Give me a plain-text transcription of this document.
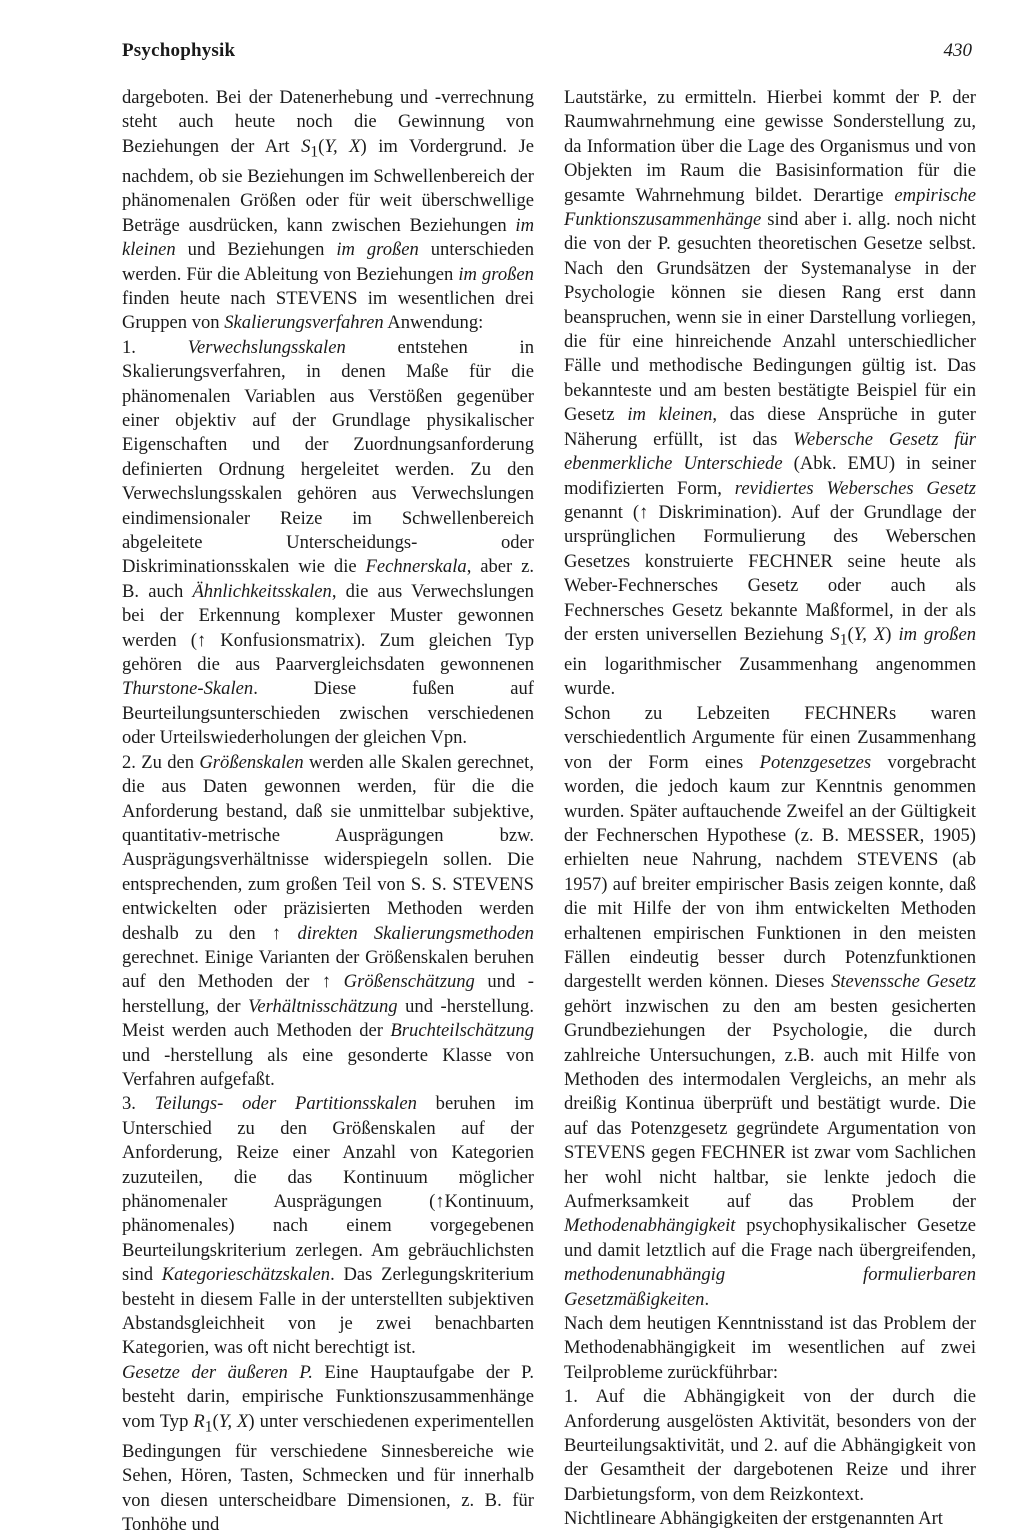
Psychophysik	430

dargeboten. Bei der Datenerhebung und -verrechnung steht auch heute noch die Gewinnung von Beziehungen der Art $S_1(Y$, X) im Vordergrund. Je nachdem, ob sie Beziehungen im Schwellenbereich der phänomenalen Größen oder für weit überschwellige Beträge ausdrücken, kann zwischen Beziehungen im kleinen und Beziehungen im großen unterschieden werden. Für die Ableitung von Beziehungen im großen finden heute nach STEVENS im wesentlichen drei Gruppen von Skalierungsverfahren Anwendung:

1. Verwechslungsskalen entstehen in Skalierungsverfahren, in denen Maße für die phänomenalen Variablen aus Verstößen gegenüber einer objektiv auf der Grundlage physikalischer Eigenschaften und der Zuordnungsanforderung definierten Ordnung hergeleitet werden. Zu den Verwechslungsskalen gehören aus Verwechslungen eindimensionaler Reize im Schwellenbereich abgeleitete Unterscheidungs- oder Diskriminationsskalen wie die Fechnerskala, aber z. B. auch Ähnlichkeitsskalen, die aus Verwechslungen bei der Erkennung komplexer Muster gewonnen werden (↑ Konfusionsmatrix). Zum gleichen Typ gehören die aus Paarvergleichsdaten gewonnenen Thurstone-Skalen. Diese fußen auf Beurteilungsunterschieden zwischen verschiedenen oder Urteilswiederholungen der gleichen Vpn.

2. Zu den Größenskalen werden alle Skalen gerechnet, die aus Daten gewonnen werden, für die die Anforderung bestand, daß sie unmittelbar subjektive, quantitativ-metrische Ausprägungen bzw. Ausprägungsverhältnisse widerspiegeln sollen. Die entsprechenden, zum großen Teil von S. S. STEVENS entwickelten oder präzisierten Methoden werden deshalb zu den ↑ direkten Skalierungsmethoden gerechnet. Einige Varianten der Größenskalen beruhen auf den Methoden der ↑ Größenschätzung und -herstellung, der Verhältnisschätzung und -herstellung. Meist werden auch Methoden der Bruchteilschätzung und -herstellung als eine gesonderte Klasse von Verfahren aufgefaßt.

3. Teilungs- oder Partitionsskalen beruhen im Unterschied zu den Größenskalen auf der Anforderung, Reize einer Anzahl von Kategorien zuzuteilen, die das Kontinuum möglicher phänomenaler Ausprägungen (↑Kontinuum, phänomenales) nach einem vorgegebenen Beurteilungskriterium zerlegen. Am gebräuchlichsten sind Kategorieschätzskalen. Das Zerlegungskriterium besteht in diesem Falle in der unterstellten subjektiven Abstandsgleichheit von je zwei benachbarten Kategorien, was oft nicht berechtigt ist.

Gesetze der äußeren P. Eine Hauptaufgabe der P. besteht darin, empirische Funktionszusammenhänge vom Typ $R_1(Y$, X) unter verschiedenen experimentellen Bedingungen für verschiedene Sinnesbereiche wie Sehen, Hören, Tasten, Schmecken und für innerhalb von diesen unterscheidbare Dimensionen, z. B. für Tonhöhe und

Lautstärke, zu ermitteln. Hierbei kommt der P. der Raumwahrnehmung eine gewisse Sonderstellung zu, da Information über die Lage des Organismus und von Objekten im Raum die Basisinformation für die gesamte Wahrnehmung bildet. Derartige empirische Funktionszusammenhänge sind aber i. allg. noch nicht die von der P. gesuchten theoretischen Gesetze selbst. Nach den Grundsätzen der Systemanalyse in der Psychologie können sie diesen Rang erst dann beanspruchen, wenn sie in einer Darstellung vorliegen, die für eine hinreichende Anzahl unterschiedlicher Fälle und methodische Bedingungen gültig ist. Das bekannteste und am besten bestätigte Beispiel für ein Gesetz im kleinen, das diese Ansprüche in guter Näherung erfüllt, ist das Webersche Gesetz für ebenmerkliche Unterschiede (Abk. EMU) in seiner modifizierten Form, revidiertes Webersches Gesetz genannt (↑ Diskrimination). Auf der Grundlage der ursprünglichen Formulierung des Weberschen Gesetzes konstruierte FECHNER seine heute als Weber-Fechnersches Gesetz oder auch als Fechnersches Gesetz bekannte Maßformel, in der als der ersten universellen Beziehung $S_1(Y$, X) im großen ein logarithmischer Zusammenhang angenommen wurde.

Schon zu Lebzeiten FECHNERs waren verschiedentlich Argumente für einen Zusammenhang von der Form eines Potenzgesetzes vorgebracht worden, die jedoch kaum zur Kenntnis genommen wurden. Später auftauchende Zweifel an der Gültigkeit der Fechnerschen Hypothese (z. B. MESSER, 1905) erhielten neue Nahrung, nachdem STEVENS (ab 1957) auf breiter empirischer Basis zeigen konnte, daß die mit Hilfe der von ihm entwickelten Methoden erhaltenen empirischen Funktionen in den meisten Fällen eindeutig besser durch Potenzfunktionen dargestellt werden können. Dieses Stevenssche Gesetz gehört inzwischen zu den am besten gesicherten Grundbeziehungen der Psychologie, die durch zahlreiche Untersuchungen, z.B. auch mit Hilfe von Methoden des intermodalen Vergleichs, an mehr als dreißig Kontinua überprüft und bestätigt wurde. Die auf das Potenzgesetz gegründete Argumentation von STEVENS gegen FECHNER ist zwar vom Sachlichen her wohl nicht haltbar, sie lenkte jedoch die Aufmerksamkeit auf das Problem der Methodenabhängigkeit psychophysikalischer Gesetze und damit letztlich auf die Frage nach übergreifenden, methodenunabhängig formulierbaren Gesetzmäßigkeiten.

Nach dem heutigen Kenntnisstand ist das Problem der Methodenabhängigkeit im wesentlichen auf zwei Teilprobleme zurückführbar:

1. Auf die Abhängigkeit von der durch die Anforderung ausgelösten Aktivität, besonders von der Beurteilungsaktivität, und 2. auf die Abhängigkeit von der Gesamtheit der dargebotenen Reize und ihrer Darbietungsform, von dem Reizkontext.

Nichtlineare Abhängigkeiten der erstgenannten Art
